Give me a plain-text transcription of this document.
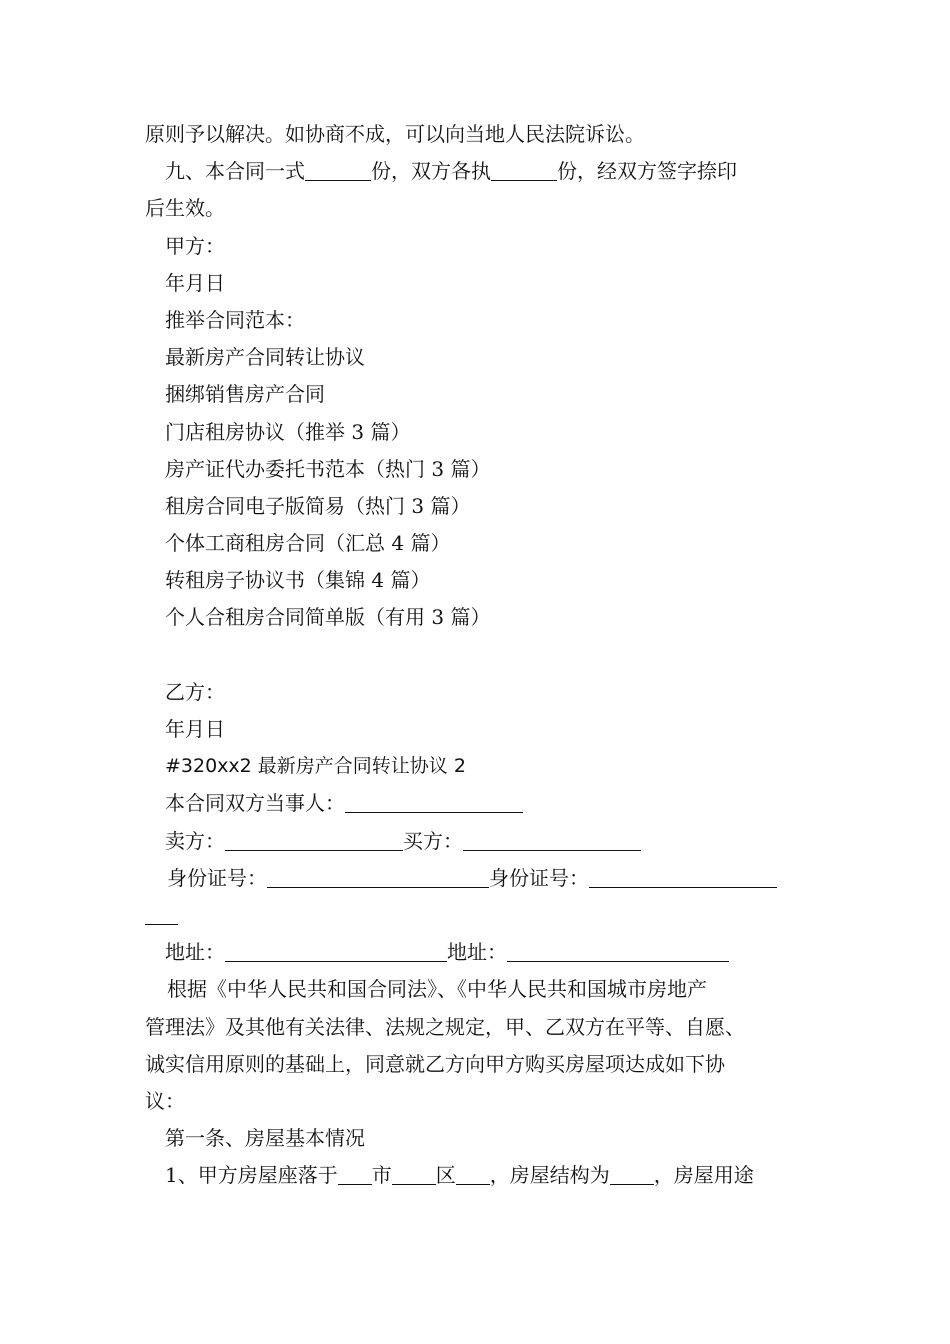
原则予以解决。如协商不成，可以向当地人民法院诉讼。
九、本合同一式	份，双方各执	份，经双方签字捺印
后生效。
甲方：
年月日
推举合同范本：
最新房产合同转让协议
捆绑销售房产合同
门店租房协议（推举 3 篇）
房产证代办委托书范本（热门 3 篇）
租房合同电子版简易（热门 3 篇）
个体工商租房合同（汇总 4 篇）
转租房子协议书（集锦 4 篇）
个人合租房合同简单版（有用 3 篇）
乙方：
年月日
#320xx2 最新房产合同转让协议 2
本合同双方当事人：
卖方：	买方：
身份证号：	身份证号：
地址：	地址：
根据《中华人民共和国合同法》、《中华人民共和国城市房地产
管理法》及其他有关法律、法规之规定，甲、乙双方在平等、自愿、
诚实信用原则的基础上，同意就乙方向甲方购买房屋项达成如下协
议：
第一条、房屋基本情况
1、甲方房屋座落于 市 区 ，房屋结构为 ，房屋用途
